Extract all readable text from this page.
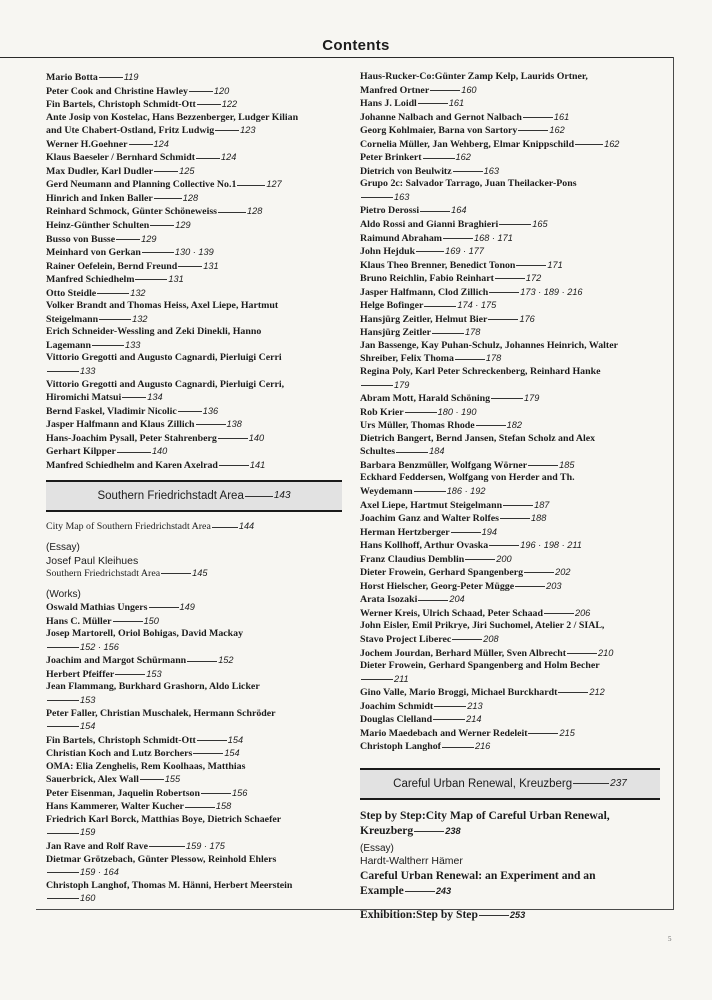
Contents
Mario Botta	119
Peter Cook and Christine Hawley	120
Fin Bartels, Christoph Schmidt-Ott	122
Ante Josip von Kostelac, Hans Bezzenberger, Ludger Kilian
and Ute Chabert-Ostland, Fritz Ludwig	123
Werner H.Goehner	124
Klaus Baeseler / Bernhard Schmidt	124
Max Dudler, Karl Dudler	125
Gerd Neumann and Planning Collective No.1	127
Hinrich and Inken Baller	128
Reinhard Schmock, Günter Schöneweiss	128
Heinz-Günther Schulten	129
Busso von Busse	129
Meinhard von Gerkan	130 · 139
Rainer Oefelein, Bernd Freund	131
Manfred Schiedhelm	131
Otto Steidle	132
Volker Brandt and Thomas Heiss, Axel Liepe, Hartmut
Steigelmann	132
Erich Schneider-Wessling and Zeki Dinekli, Hanno
Lagemann	133
Vittorio Gregotti and Augusto Cagnardi, Pierluigi Cerri
133
Vittorio Gregotti and Augusto Cagnardi, Pierluigi Cerri,
Hiromichi Matsui	134
Bernd Faskel, Vladimir Nicolic	136
Jasper Halfmann and Klaus Zillich	138
Hans-Joachim Pysall, Peter Stahrenberg	140
Gerhart Kilpper	140
Manfred Schiedhelm and Karen Axelrad	141
Southern Friedrichstadt Area	143
City Map of Southern Friedrichstadt Area	144
(Essay)
Josef Paul Kleihues
Southern Friedrichstadt Area	145
(Works)
Oswald Mathias Ungers	149
Hans C. Müller	150
Josep Martorell, Oriol Bohigas, David Mackay
152 · 156
Joachim and Margot Schürmann	152
Herbert Pfeiffer	153
Jean Flammang, Burkhard Grashorn, Aldo Licker
153
Peter Faller, Christian Muschalek, Hermann Schröder
154
Fin Bartels, Christoph Schmidt-Ott	154
Christian Koch and Lutz Borchers	154
OMA: Elia Zenghelis, Rem Koolhaas, Matthias
Sauerbrick, Alex Wall	155
Peter Eisenman, Jaquelin Robertson	156
Hans Kammerer, Walter Kucher	158
Friedrich Karl Borck, Matthias Boye, Dietrich Schaefer
159
Jan Rave and Rolf Rave	159 · 175
Dietmar Grötzebach, Günter Plessow, Reinhold Ehlers
159 · 164
Christoph Langhof, Thomas M. Hänni, Herbert Meerstein
160
Haus-Rucker-Co:Günter Zamp Kelp, Laurids Ortner,
Manfred Ortner	160
Hans J. Loidl	161
Johanne Nalbach and Gernot Nalbach	161
Georg Kohlmaier, Barna von Sartory	162
Cornelia Müller, Jan Wehberg, Elmar Knippschild	162
Peter Brinkert	162
Dietrich von Beulwitz	163
Grupo 2c: Salvador Tarrago, Juan Theilacker-Pons
163
Pietro Derossi	164
Aldo Rossi and Gianni Braghieri	165
Raimund Abraham	168 · 171
John Hejduk	169 · 177
Klaus Theo Brenner, Benedict Tonon	171
Bruno Reichlin, Fabio Reinhart	172
Jasper Halfmann, Clod Zillich	173 · 189 · 216
Helge Bofinger	174 · 175
Hansjürg Zeitler, Helmut Bier	176
Hansjürg Zeitler	178
Jan Bassenge, Kay Puhan-Schulz, Johannes Heinrich, Walter
Shreiber, Felix Thoma	178
Regina Poly, Karl Peter Schreckenberg, Reinhard Hanke
179
Abram Mott, Harald Schöning	179
Rob Krier	180 · 190
Urs Müller, Thomas Rhode	182
Dietrich Bangert, Bernd Jansen, Stefan Scholz and Alex
Schultes	184
Barbara Benzmüller, Wolfgang Wörner	185
Eckhard Feddersen, Wolfgang von Herder and Th.
Weydemann	186 · 192
Axel Liepe, Hartmut Steigelmann	187
Joachim Ganz and Walter Rolfes	188
Herman Hertzberger	194
Hans Kollhoff, Arthur Ovaska	196 · 198 · 211
Franz Claudius Demblin	200
Dieter Frowein, Gerhard Spangenberg	202
Horst Hielscher, Georg-Peter Mügge	203
Arata Isozaki	204
Werner Kreis, Ulrich Schaad, Peter Schaad	206
John Eisler, Emil Prikrye, Jiri Suchomel, Atelier 2 / SIAL,
Stavo Project Liberec	208
Jochem Jourdan, Berhard Müller, Sven Albrecht	210
Dieter Frowein, Gerhard Spangenberg and Holm Becher
211
Gino Valle, Mario Broggi, Michael Burckhardt	212
Joachim Schmidt	213
Douglas Clelland	214
Mario Maedebach and Werner Redeleit	215
Christoph Langhof	216
Careful Urban Renewal, Kreuzberg	237
Step by Step:City Map of Careful Urban Renewal,
Kreuzberg	238
(Essay)
Hardt-Waltherr Hämer
Careful Urban Renewal: an Experiment and an
Example	243
Exhibition:Step by Step	253
5
